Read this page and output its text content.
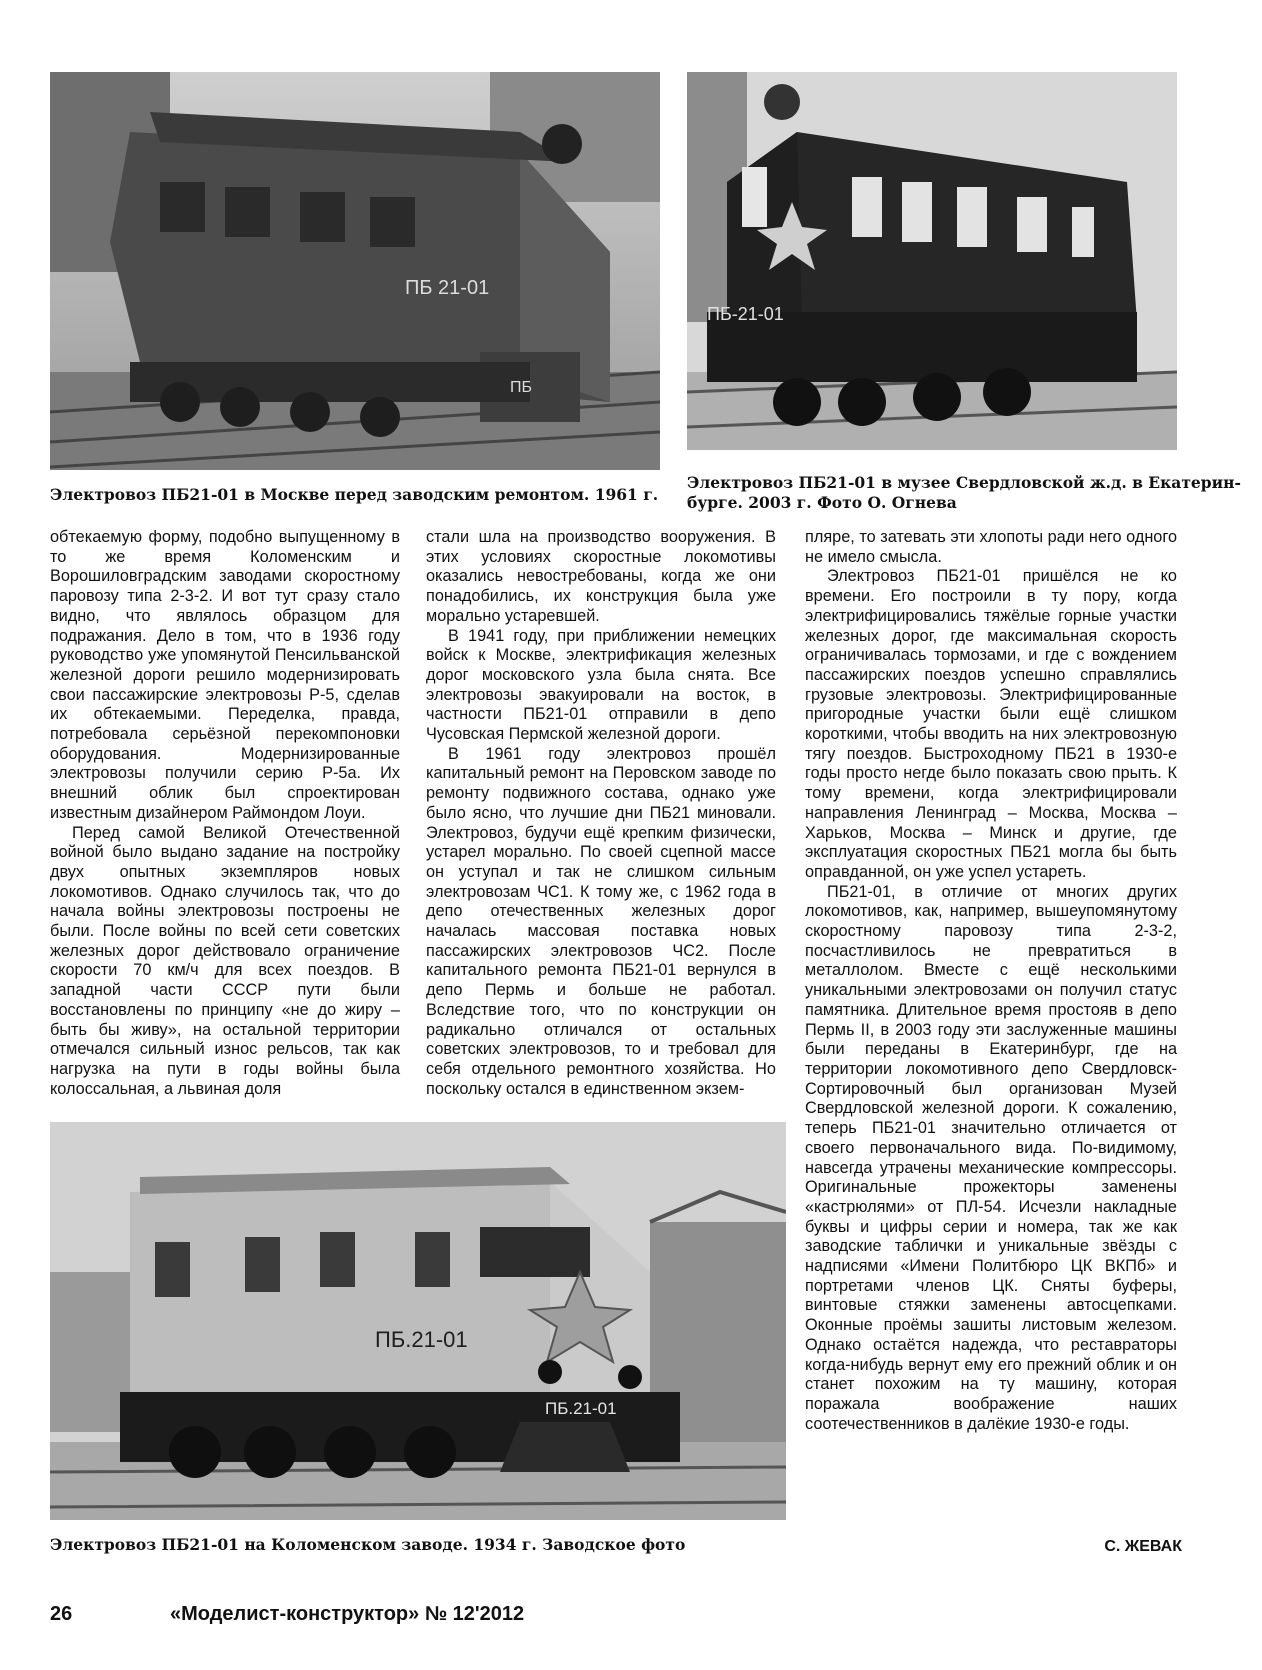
ПБ 21-01
ПБ
Электровоз ПБ21-01 в Москве перед заводским ремонтом. 1961 г.
ПБ-21-01
Электровоз ПБ21-01 в музее Свердловской ж.д. в Екатерин-
бурге. 2003 г. Фото О. Огнева

обтекаемую форму, подобно выпущенному в то же время Коломенским и Ворошиловградским заводами скоростному паровозу типа 2-3-2. И вот тут сразу стало видно, что являлось образцом для подражания. Дело в том, что в 1936 году руководство уже упомянутой Пенсильванской железной дороги решило модернизировать свои пассажирские электровозы Р-5, сделав их обтекаемыми. Переделка, правда, потребовала серьёзной перекомпоновки оборудования. Модернизированные электровозы получили серию Р-5а. Их внешний облик был спроектирован известным дизайнером Раймондом Лоуи.

Перед самой Великой Отечественной войной было выдано задание на постройку двух опытных экземпляров новых локомотивов. Однако случилось так, что до начала войны электровозы построены не были. После войны по всей сети советских железных дорог действовало ограничение скорости 70 км/ч для всех поездов. В западной части СССР пути были восстановлены по принципу «не до жиру – быть бы живу», на остальной территории отмечался сильный износ рельсов, так как нагрузка на пути в годы войны была колоссальная, а львиная доля

стали шла на производство вооружения. В этих условиях скоростные локомотивы оказались невостребованы, когда же они понадобились, их конструкция была уже морально устаревшей.

В 1941 году, при приближении немецких войск к Москве, электрификация железных дорог московского узла была снята. Все электровозы эвакуировали на восток, в частности ПБ21-01 отправили в депо Чусовская Пермской железной дороги.

В 1961 году электровоз прошёл капитальный ремонт на Перовском заводе по ремонту подвижного состава, однако уже было ясно, что лучшие дни ПБ21 миновали. Электровоз, будучи ещё крепким физически, устарел морально. По своей сцепной массе он уступал и так не слишком сильным электровозам ЧС1. К тому же, с 1962 года в депо отечественных железных дорог началась массовая поставка новых пассажирских электровозов ЧС2. После капитального ремонта ПБ21-01 вернулся в депо Пермь и больше не работал. Вследствие того, что по конструкции он радикально отличался от остальных советских электровозов, то и требовал для себя отдельного ремонтного хозяйства. Но поскольку остался в единственном экзем-

пляре, то затевать эти хлопоты ради него одного не имело смысла.

Электровоз ПБ21-01 пришёлся не ко времени. Его построили в ту пору, когда электрифицировались тяжёлые горные участки железных дорог, где максимальная скорость ограничивалась тормозами, и где с вождением пассажирских поездов успешно справлялись грузовые электровозы. Электрифицированные пригородные участки были ещё слишком короткими, чтобы вводить на них электровозную тягу поездов. Быстроходному ПБ21 в 1930-е годы просто негде было показать свою прыть. К тому времени, когда электрифицировали направления Ленинград – Москва, Москва – Харьков, Москва – Минск и другие, где эксплуатация скоростных ПБ21 могла бы быть оправданной, он уже успел устареть.

ПБ21-01, в отличие от многих других локомотивов, как, например, вышеупомянутому скоростному паровозу типа 2-3-2, посчастливилось не превратиться в металлолом. Вместе с ещё несколькими уникальными электровозами он получил статус памятника. Длительное время простояв в депо Пермь II, в 2003 году эти заслуженные машины были переданы в Екатеринбург, где на территории локомотивного депо Свердловск-Сортировочный был организован Музей Свердловской железной дороги. К сожалению, теперь ПБ21-01 значительно отличается от своего первоначального вида. По-видимому, навсегда утрачены механические компрессоры. Оригинальные прожекторы заменены «кастрюлями» от ПЛ-54. Исчезли накладные буквы и цифры серии и номера, так же как заводские таблички и уникальные звёзды с надписями «Имени Политбюро ЦК ВКПб» и портретами членов ЦК. Сняты буферы, винтовые стяжки заменены автосцепками. Оконные проёмы зашиты листовым железом. Однако остаётся надежда, что реставраторы когда-нибудь вернут ему его прежний облик и он станет похожим на ту машину, которая поражала воображение наших соотечественников в далёкие 1930-е годы.

ПБ.21-01
ПБ.21-01
Электровоз ПБ21-01 на Коломенском заводе. 1934 г. Заводское фото	С. ЖЕВАК
26	«Моделист-конструктор» № 12'2012
